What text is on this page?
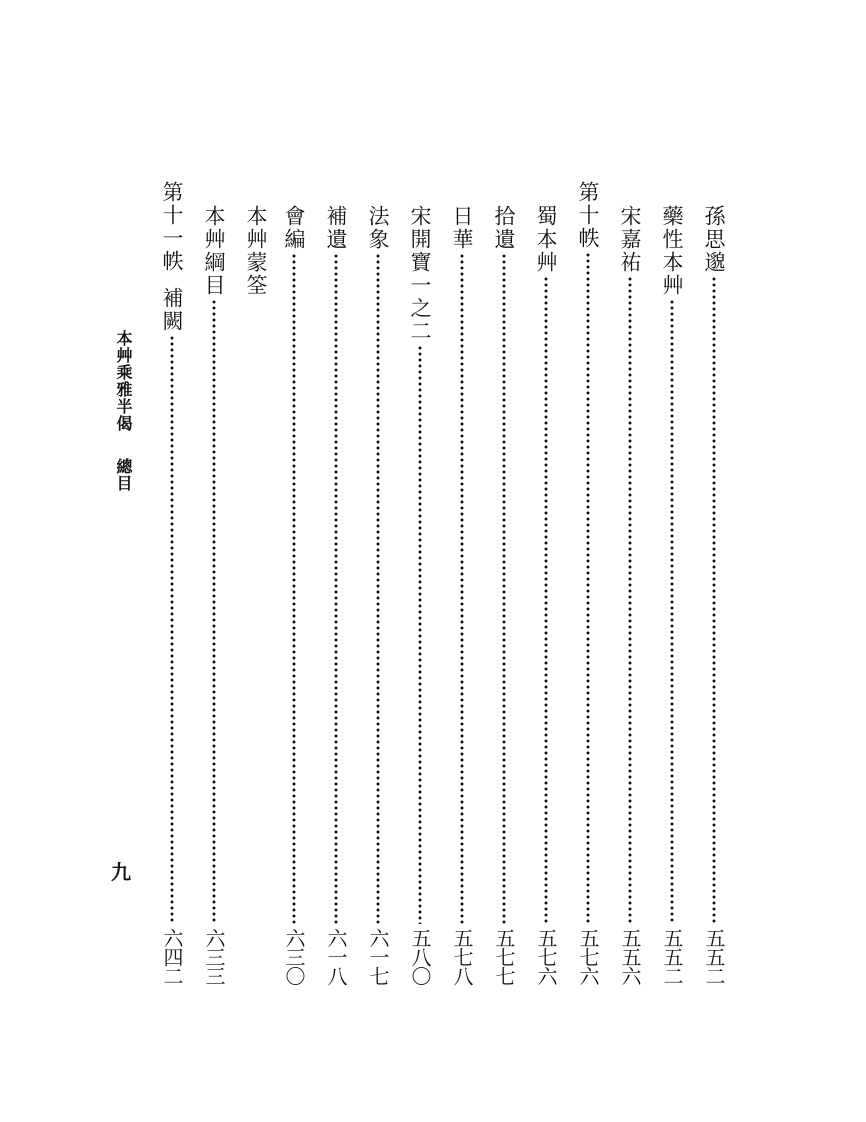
孫思邈
五五二
藥性本艸
五五二
宋嘉祐
五五六
第十帙
五七六
蜀本艸
五七六
拾遺
五七七
日華
五七八
宋開寶一之二
五八〇
法象
六一七
補遺
六一八
會編
六三〇
本艸蒙筌
本艸綱目
六三三
第十一帙
補闕
六四二
本艸乘雅半偈總目
九
